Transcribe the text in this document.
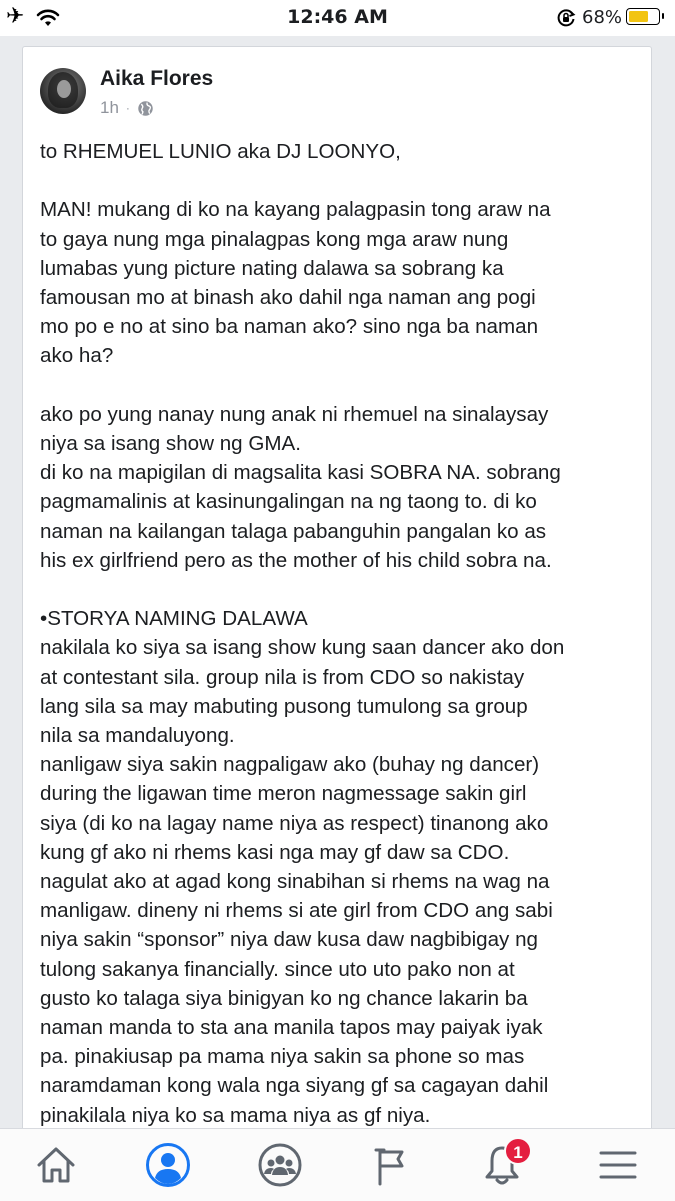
✈	12:46 AM	68%
Aika Flores
1h ·

to RHEMUEL LUNIO aka DJ LOONYO,

MAN! mukang di ko na kayang palagpasin tong araw na

to gaya nung mga pinalagpas kong mga araw nung

lumabas yung picture nating dalawa sa sobrang ka

famousan mo at binash ako dahil nga naman ang pogi

mo po e no at sino ba naman ako? sino nga ba naman

ako ha?

ako po yung nanay nung anak ni rhemuel na sinalaysay

niya sa isang show ng GMA.

di ko na mapigilan di magsalita kasi SOBRA NA. sobrang

pagmamalinis at kasinungalingan na ng taong to. di ko

naman na kailangan talaga pabanguhin pangalan ko as

his ex girlfriend pero as the mother of his child sobra na.

•STORYA NAMING DALAWA

nakilala ko siya sa isang show kung saan dancer ako don

at contestant sila. group nila is from CDO so nakistay

lang sila sa may mabuting pusong tumulong sa group

nila sa mandaluyong.

nanligaw siya sakin nagpaligaw ako (buhay ng dancer)

during the ligawan time meron nagmessage sakin girl

siya (di ko na lagay name niya as respect) tinanong ako

kung gf ako ni rhems kasi nga may gf daw sa CDO.

nagulat ako at agad kong sinabihan si rhems na wag na

manligaw. dineny ni rhems si ate girl from CDO ang sabi

niya sakin “sponsor” niya daw kusa daw nagbibigay ng

tulong sakanya financially. since uto uto pako non at

gusto ko talaga siya binigyan ko ng chance lakarin ba

naman manda to sta ana manila tapos may paiyak iyak

pa. pinakiusap pa mama niya sakin sa phone so mas

naramdaman kong wala nga siyang gf sa cagayan dahil

pinakilala niya ko sa mama niya as gf niya.

1
